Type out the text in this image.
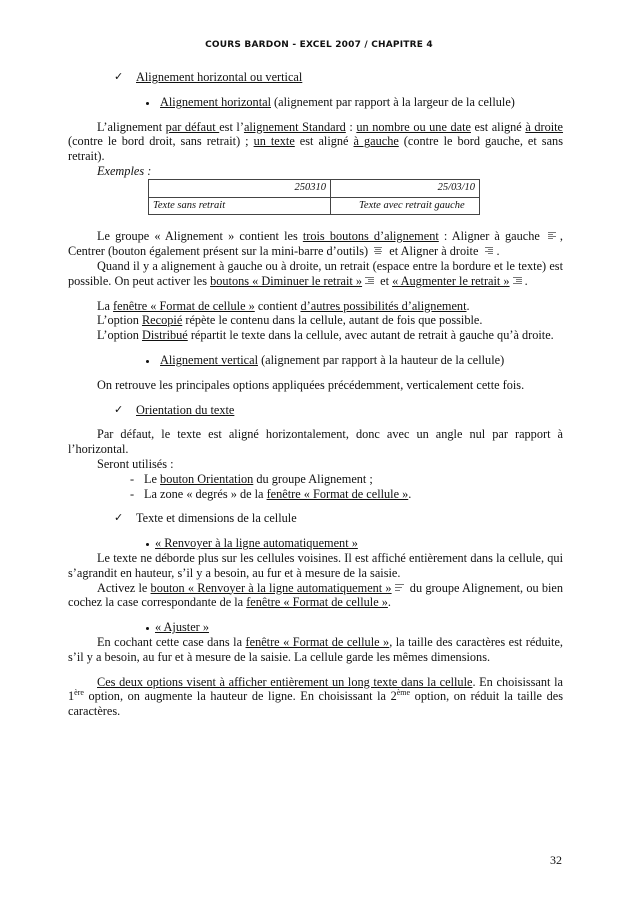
COURS BARDON - EXCEL 2007 / CHAPITRE 4

✓ Alignement horizontal ou vertical

Alignement horizontal (alignement par rapport à la largeur de la cellule)

L’alignement par défaut est l’alignement Standard : un nombre ou une date est aligné à droite (contre le bord droit, sans retrait) ; un texte est aligné à gauche (contre le bord gauche, et sans retrait).

Exemples :

250310	25/03/10
Texte sans retrait	Texte avec retrait gauche

Le groupe « Alignement » contient les trois boutons d’alignement : Aligner à gauche
, Centrer (bouton également présent sur la mini-barre d’outils)
et Aligner à droite
.

Quand il y a alignement à gauche ou à droite, un retrait (espace entre la bordure et le texte) est possible. On peut activer les boutons « Diminuer le retrait »
et « Augmenter le retrait » .

La fenêtre « Format de cellule » contient d’autres possibilités d’alignement.

L’option Recopié répète le contenu dans la cellule, autant de fois que possible.

L’option Distribué répartit le texte dans la cellule, avec autant de retrait à gauche qu’à droite.

Alignement vertical (alignement par rapport à la hauteur de la cellule)

On retrouve les principales options appliquées précédemment, verticalement cette fois.

✓ Orientation du texte

Par défaut, le texte est aligné horizontalement, donc avec un angle nul par rapport à l’horizontal.

Seront utilisés :

- Le bouton Orientation du groupe Alignement ;

- La zone « degrés » de la fenêtre « Format de cellule ».

✓ Texte et dimensions de la cellule

« Renvoyer à la ligne automatiquement »

Le texte ne déborde plus sur les cellules voisines. Il est affiché entièrement dans la cellule, qui s’agrandit en hauteur, s’il y a besoin, au fur et à mesure de la saisie.

Activez le bouton « Renvoyer à la ligne automatiquement »
du groupe Alignement, ou bien cochez la case correspondante de la fenêtre « Format de cellule ».

« Ajuster »

En cochant cette case dans la fenêtre « Format de cellule », la taille des caractères est réduite, s’il y a besoin, au fur et à mesure de la saisie. La cellule garde les mêmes dimensions.

Ces deux options visent à afficher entièrement un long texte dans la cellule. En choisissant la 1ère option, on augmente la hauteur de ligne. En choisissant la 2ème option, on réduit la taille des caractères.

32
